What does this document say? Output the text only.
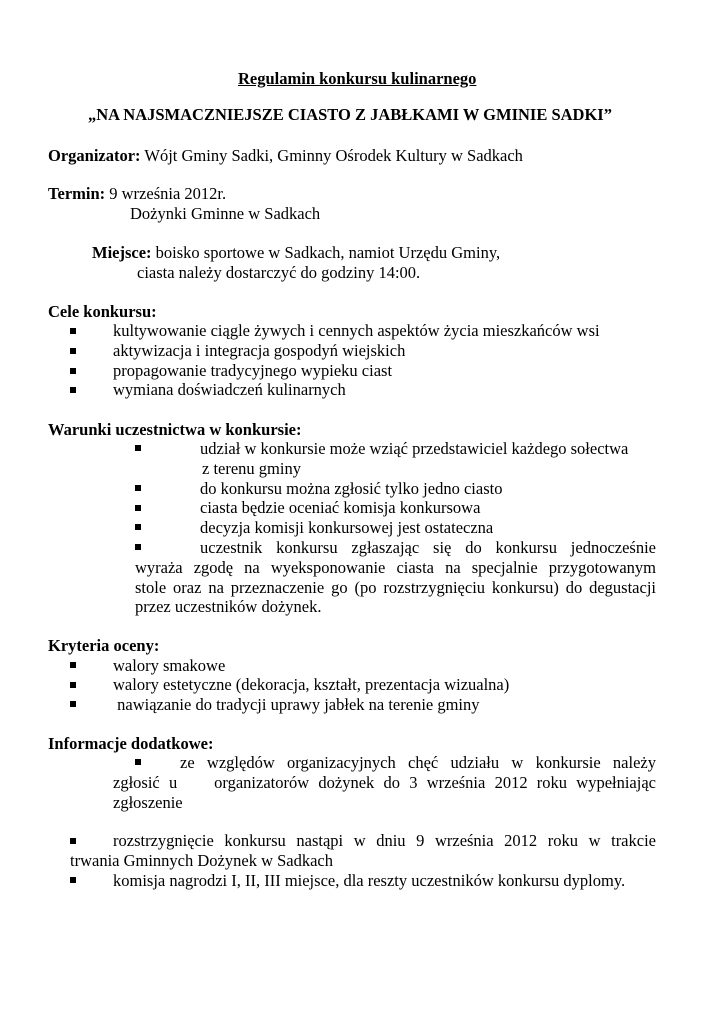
Regulamin konkursu kulinarnego
„NA NAJSMACZNIEJSZE CIASTO Z JABŁKAMI W GMINIE SADKI”
Organizator: Wójt Gminy Sadki, Gminny Ośrodek Kultury w Sadkach
Termin: 9 września 2012r.
Dożynki Gminne w Sadkach
Miejsce: boisko sportowe w Sadkach, namiot Urzędu Gminy,
ciasta należy dostarczyć do godziny 14:00.
Cele konkursu:
kultywowanie ciągle żywych i cennych aspektów życia mieszkańców wsi
aktywizacja i integracja gospodyń wiejskich
propagowanie tradycyjnego wypieku ciast
wymiana doświadczeń kulinarnych
Warunki uczestnictwa w konkursie:
udział w konkursie może wziąć przedstawiciel każdego sołectwa
z terenu gminy
do konkursu można zgłosić tylko jedno ciasto
ciasta będzie oceniać komisja konkursowa
decyzja komisji konkursowej jest ostateczna
uczestnik konkursu zgłaszając się do konkursu jednocześnie
wyraża zgodę na wyeksponowanie ciasta na specjalnie przygotowanym
stole oraz na przeznaczenie go (po rozstrzygnięciu konkursu) do degustacji
przez uczestników dożynek.
Kryteria oceny:
walory smakowe
walory estetyczne (dekoracja, kształt, prezentacja wizualna)
nawiązanie do tradycji uprawy jabłek na terenie gminy
Informacje dodatkowe:
ze względów organizacyjnych chęć udziału w konkursie należy
zgłosić u    organizatorów dożynek do 3 września 2012 roku wypełniając
zgłoszenie
rozstrzygnięcie konkursu nastąpi w dniu 9 września 2012 roku w trakcie
trwania Gminnych Dożynek w Sadkach
komisja nagrodzi I, II, III miejsce, dla reszty uczestników konkursu dyplomy.
